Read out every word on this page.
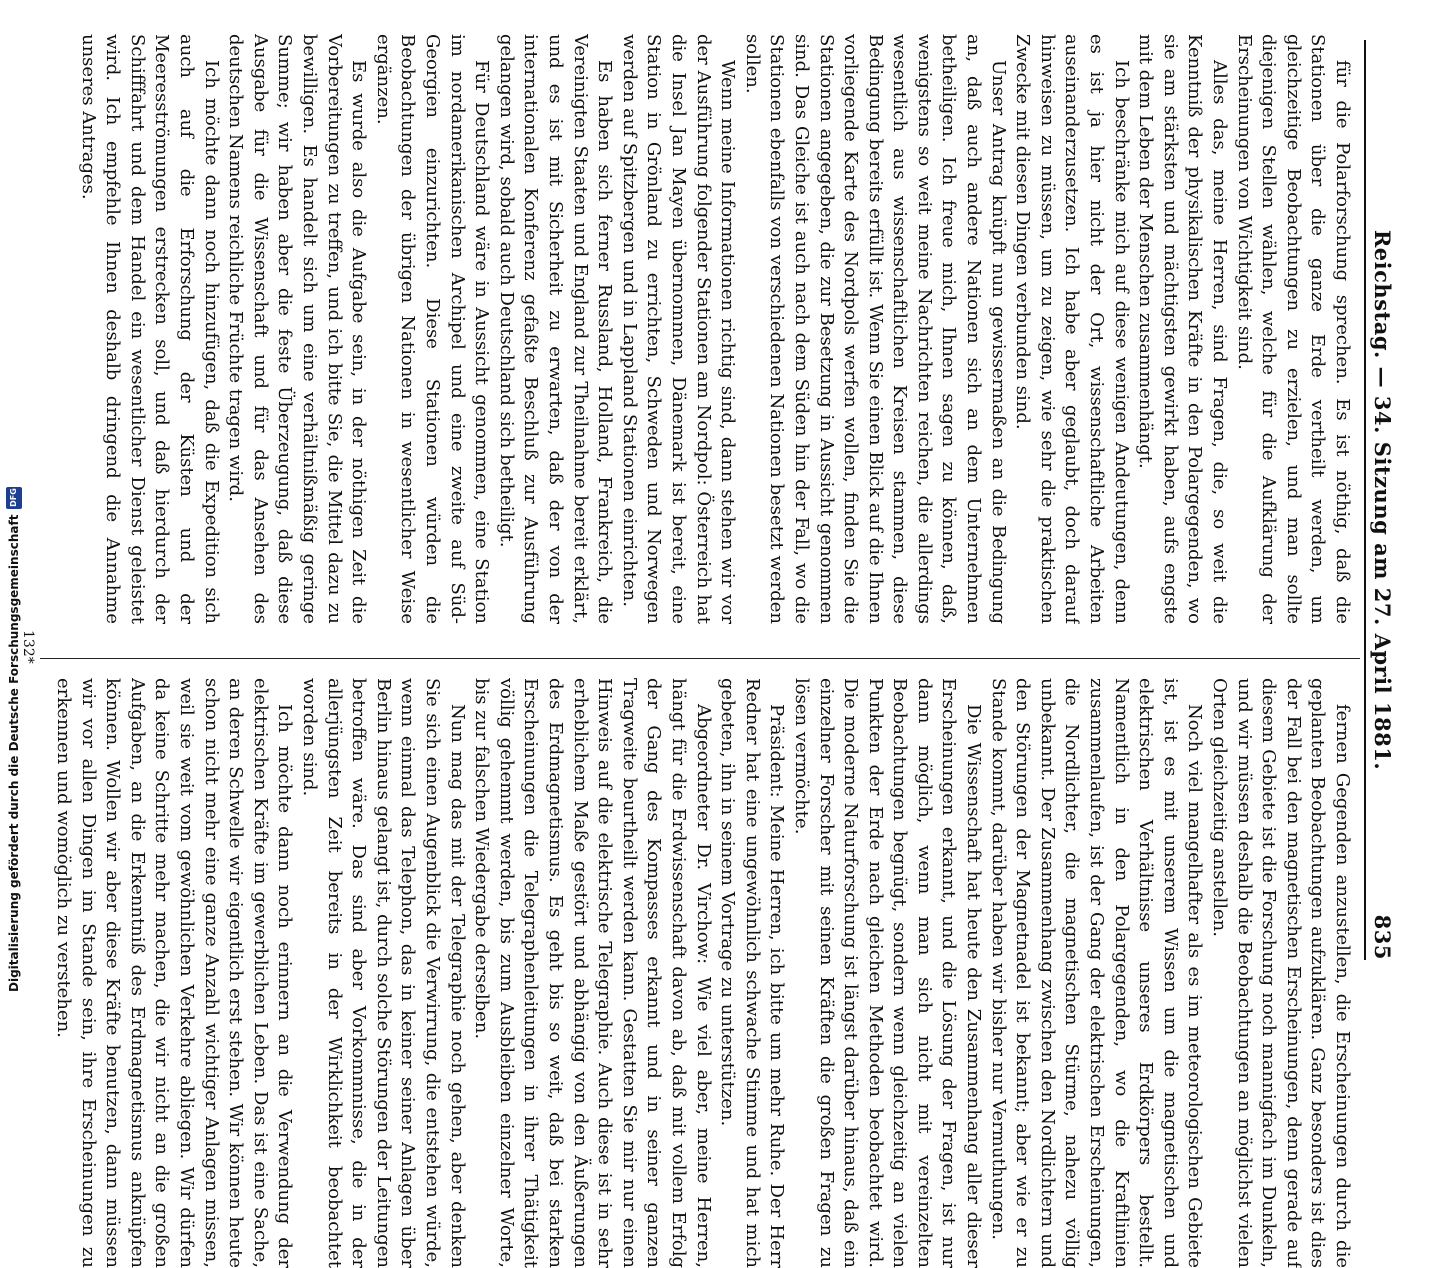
Reichstag. — 34. Sitzung am 27. April 1881.
835

für die Polarforschung sprechen. Es ist nöthig, daß die Stationen über die ganze Erde vertheilt werden, um gleichzeitige Beobachtungen zu erzielen, und man sollte diejenigen Stellen wählen, welche für die Aufklärung der Erscheinungen von Wichtigkeit sind.

Alles das, meine Herren, sind Fragen, die, so weit die Kenntniß der physikalischen Kräfte in den Polargegenden, wo sie am stärksten und mächtigsten gewirkt haben, aufs engste mit dem Leben der Menschen zusammenhängt.

Ich beschränke mich auf diese wenigen Andeutungen, denn es ist ja hier nicht der Ort, wissenschaftliche Arbeiten auseinanderzusetzen. Ich habe aber geglaubt, doch darauf hinweisen zu müssen, um zu zeigen, wie sehr die praktischen Zwecke mit diesen Dingen verbunden sind.

Unser Antrag knüpft nun gewissermaßen an die Bedingung an, daß auch andere Nationen sich an dem Unternehmen betheiligen. Ich freue mich, Ihnen sagen zu können, daß, wenigstens so weit meine Nachrichten reichen, die allerdings wesentlich aus wissenschaftlichen Kreisen stammen, diese Bedingung bereits erfüllt ist. Wenn Sie einen Blick auf die Ihnen vorliegende Karte des Nordpols werfen wollen, finden Sie die Stationen angegeben, die zur Besetzung in Aussicht genommen sind. Das Gleiche ist auch nach dem Süden hin der Fall, wo die Stationen ebenfalls von verschiedenen Nationen besetzt werden sollen.

Wenn meine Informationen richtig sind, dann stehen wir vor der Ausführung folgender Stationen am Nordpol: Österreich hat die Insel Jan Mayen übernommen, Dänemark ist bereit, eine Station in Grönland zu errichten, Schweden und Norwegen werden auf Spitzbergen und in Lappland Stationen einrichten.

Es haben sich ferner Russland, Holland, Frankreich, die Vereinigten Staaten und England zur Theilnahme bereit erklärt, und es ist mit Sicherheit zu erwarten, daß der von der internationalen Konferenz gefaßte Beschluß zur Ausführung gelangen wird, sobald auch Deutschland sich betheiligt.

Für Deutschland wäre in Aussicht genommen, eine Station im nordamerikanischen Archipel und eine zweite auf Süd-Georgien einzurichten. Diese Stationen würden die Beobachtungen der übrigen Nationen in wesentlicher Weise ergänzen.

Es wurde also die Aufgabe sein, in der nöthigen Zeit die Vorbereitungen zu treffen, und ich bitte Sie, die Mittel dazu zu bewilligen. Es handelt sich um eine verhältnißmäßig geringe Summe; wir haben aber die feste Überzeugung, daß diese Ausgabe für die Wissenschaft und für das Ansehen des deutschen Namens reichliche Früchte tragen wird.

Ich möchte dann noch hinzufügen, daß die Expedition sich auch auf die Erforschung der Küsten und der Meeresströmungen erstrecken soll, und daß hierdurch der Schifffahrt und dem Handel ein wesentlicher Dienst geleistet wird. Ich empfehle Ihnen deshalb dringend die Annahme unseres Antrages.

fernen Gegenden anzustellen, die Erscheinungen durch die geplanten Beobachtungen aufzuklären. Ganz besonders ist dies der Fall bei den magnetischen Erscheinungen, denn gerade auf diesem Gebiete ist die Forschung noch mannigfach im Dunkeln, und wir müssen deshalb die Beobachtungen an möglichst vielen Orten gleichzeitig anstellen.

Noch viel mangelhafter als es im meteorologischen Gebiete ist, ist es mit unserem Wissen um die magnetischen und elektrischen Verhältnisse unseres Erdkörpers bestellt. Namentlich in den Polargegenden, wo die Kraftlinien zusammenlaufen, ist der Gang der elektrischen Erscheinungen, die Nordlichter, die magnetischen Stürme, nahezu völlig unbekannt. Der Zusammenhang zwischen den Nordlichtern und den Störungen der Magnetnadel ist bekannt; aber wie er zu Stande kommt, darüber haben wir bisher nur Vermuthungen.

Die Wissenschaft hat heute den Zusammenhang aller dieser Erscheinungen erkannt, und die Lösung der Fragen, ist nur dann möglich, wenn man sich nicht mit vereinzelten Beobachtungen begnügt, sondern wenn gleichzeitig an vielen Punkten der Erde nach gleichen Methoden beobachtet wird. Die moderne Naturforschung ist längst darüber hinaus, daß ein einzelner Forscher mit seinen Kräften die großen Fragen zu lösen vermöchte.

Präsident: Meine Herren, ich bitte um mehr Ruhe. Der Herr Redner hat eine ungewöhnlich schwache Stimme und hat mich gebeten, ihn in seinem Vortrage zu unterstützen.

Abgeordneter Dr. Virchow: Wie viel aber, meine Herren, hängt für die Erdwissenschaft davon ab, daß mit vollem Erfolg der Gang des Kompasses erkannt und in seiner ganzen Tragweite beurtheilt werden kann. Gestatten Sie mir nur einen Hinweis auf die elektrische Telegraphie. Auch diese ist in sehr erheblichem Maße gestört und abhängig von den Äußerungen des Erdmagnetismus. Es geht bis so weit, daß bei starken Erscheinungen die Telegraphenleitungen in ihrer Thätigkeit völlig gehemmt werden, bis zum Ausbleiben einzelner Worte, bis zur falschen Wiedergabe derselben.

Nun mag das mit der Telegraphie noch gehen, aber denken Sie sich einen Augenblick die Verwirrung, die entstehen würde, wenn einmal das Telephon, das in keiner seiner Anlagen über Berlin hinaus gelangt ist, durch solche Störungen der Leitungen betroffen wäre. Das sind aber Vorkommnisse, die in der allerjüngsten Zeit bereits in der Wirklichkeit beobachtet worden sind.

Ich möchte dann noch erinnern an die Verwendung der elektrischen Kräfte im gewerblichen Leben. Das ist eine Sache, an deren Schwelle wir eigentlich erst stehen. Wir können heute schon nicht mehr eine ganze Anzahl wichtiger Anlagen missen, weil sie weit vom gewöhnlichen Verkehre abliegen. Wir dürfen da keine Schritte mehr machen, die wir nicht an die großen Aufgaben, an die Erkenntniß des Erdmagnetismus anknüpfen können. Wollen wir aber diese Kräfte benutzen, dann müssen wir vor allen Dingen im Stande sein, ihre Erscheinungen zu erkennen und womöglich zu verstehen.

132*
Digitalisierung gefördert durch die Deutsche Forschungsgemeinschaft
DFG
